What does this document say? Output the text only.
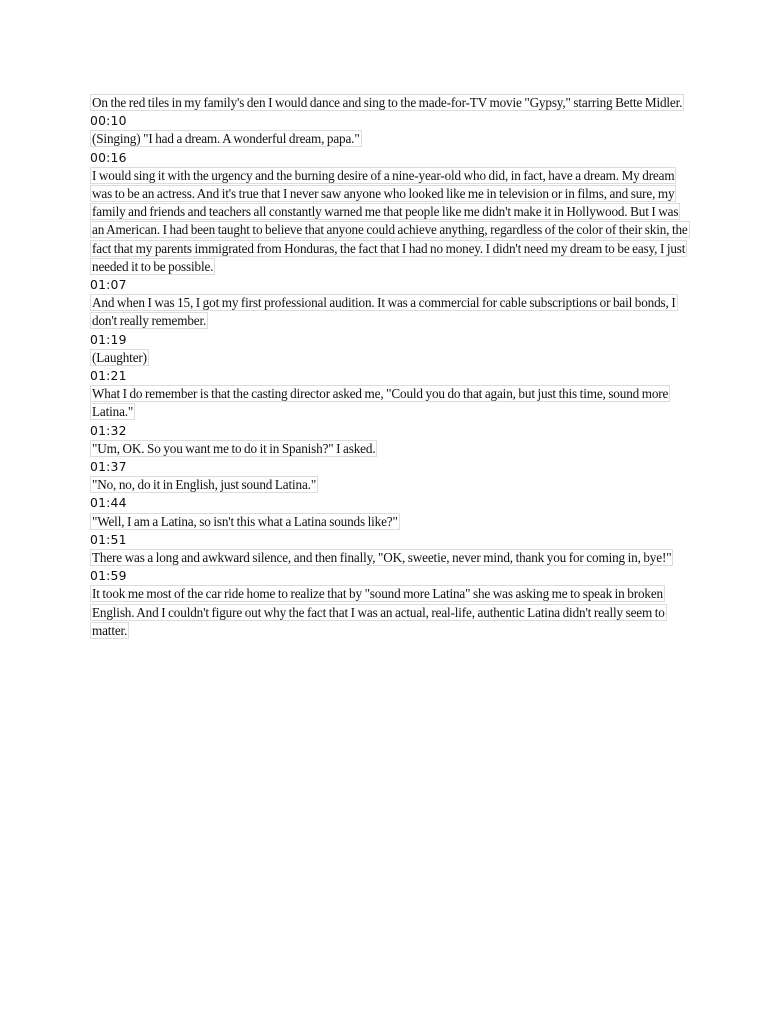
On the red tiles in my family's den I would dance and sing to the made-for-TV movie "Gypsy," starring Bette Midler.
00:10
(Singing) "I had a dream. A wonderful dream, papa."
00:16
I would sing it with the urgency and the burning desire of a nine-year-old who did, in fact, have a dream. My dream was to be an actress. And it's true that I never saw anyone who looked like me in television or in films, and sure, my family and friends and teachers all constantly warned me that people like me didn't make it in Hollywood. But I was an American. I had been taught to believe that anyone could achieve anything, regardless of the color of their skin, the fact that my parents immigrated from Honduras, the fact that I had no money. I didn't need my dream to be easy, I just needed it to be possible.
01:07
And when I was 15, I got my first professional audition. It was a commercial for cable subscriptions or bail bonds, I don't really remember.
01:19
(Laughter)
01:21
What I do remember is that the casting director asked me, "Could you do that again, but just this time, sound more Latina."
01:32
"Um, OK. So you want me to do it in Spanish?" I asked.
01:37
"No, no, do it in English, just sound Latina."
01:44
"Well, I am a Latina, so isn't this what a Latina sounds like?"
01:51
There was a long and awkward silence, and then finally, "OK, sweetie, never mind, thank you for coming in, bye!"
01:59
It took me most of the car ride home to realize that by "sound more Latina" she was asking me to speak in broken English. And I couldn't figure out why the fact that I was an actual, real-life, authentic Latina didn't really seem to matter.
